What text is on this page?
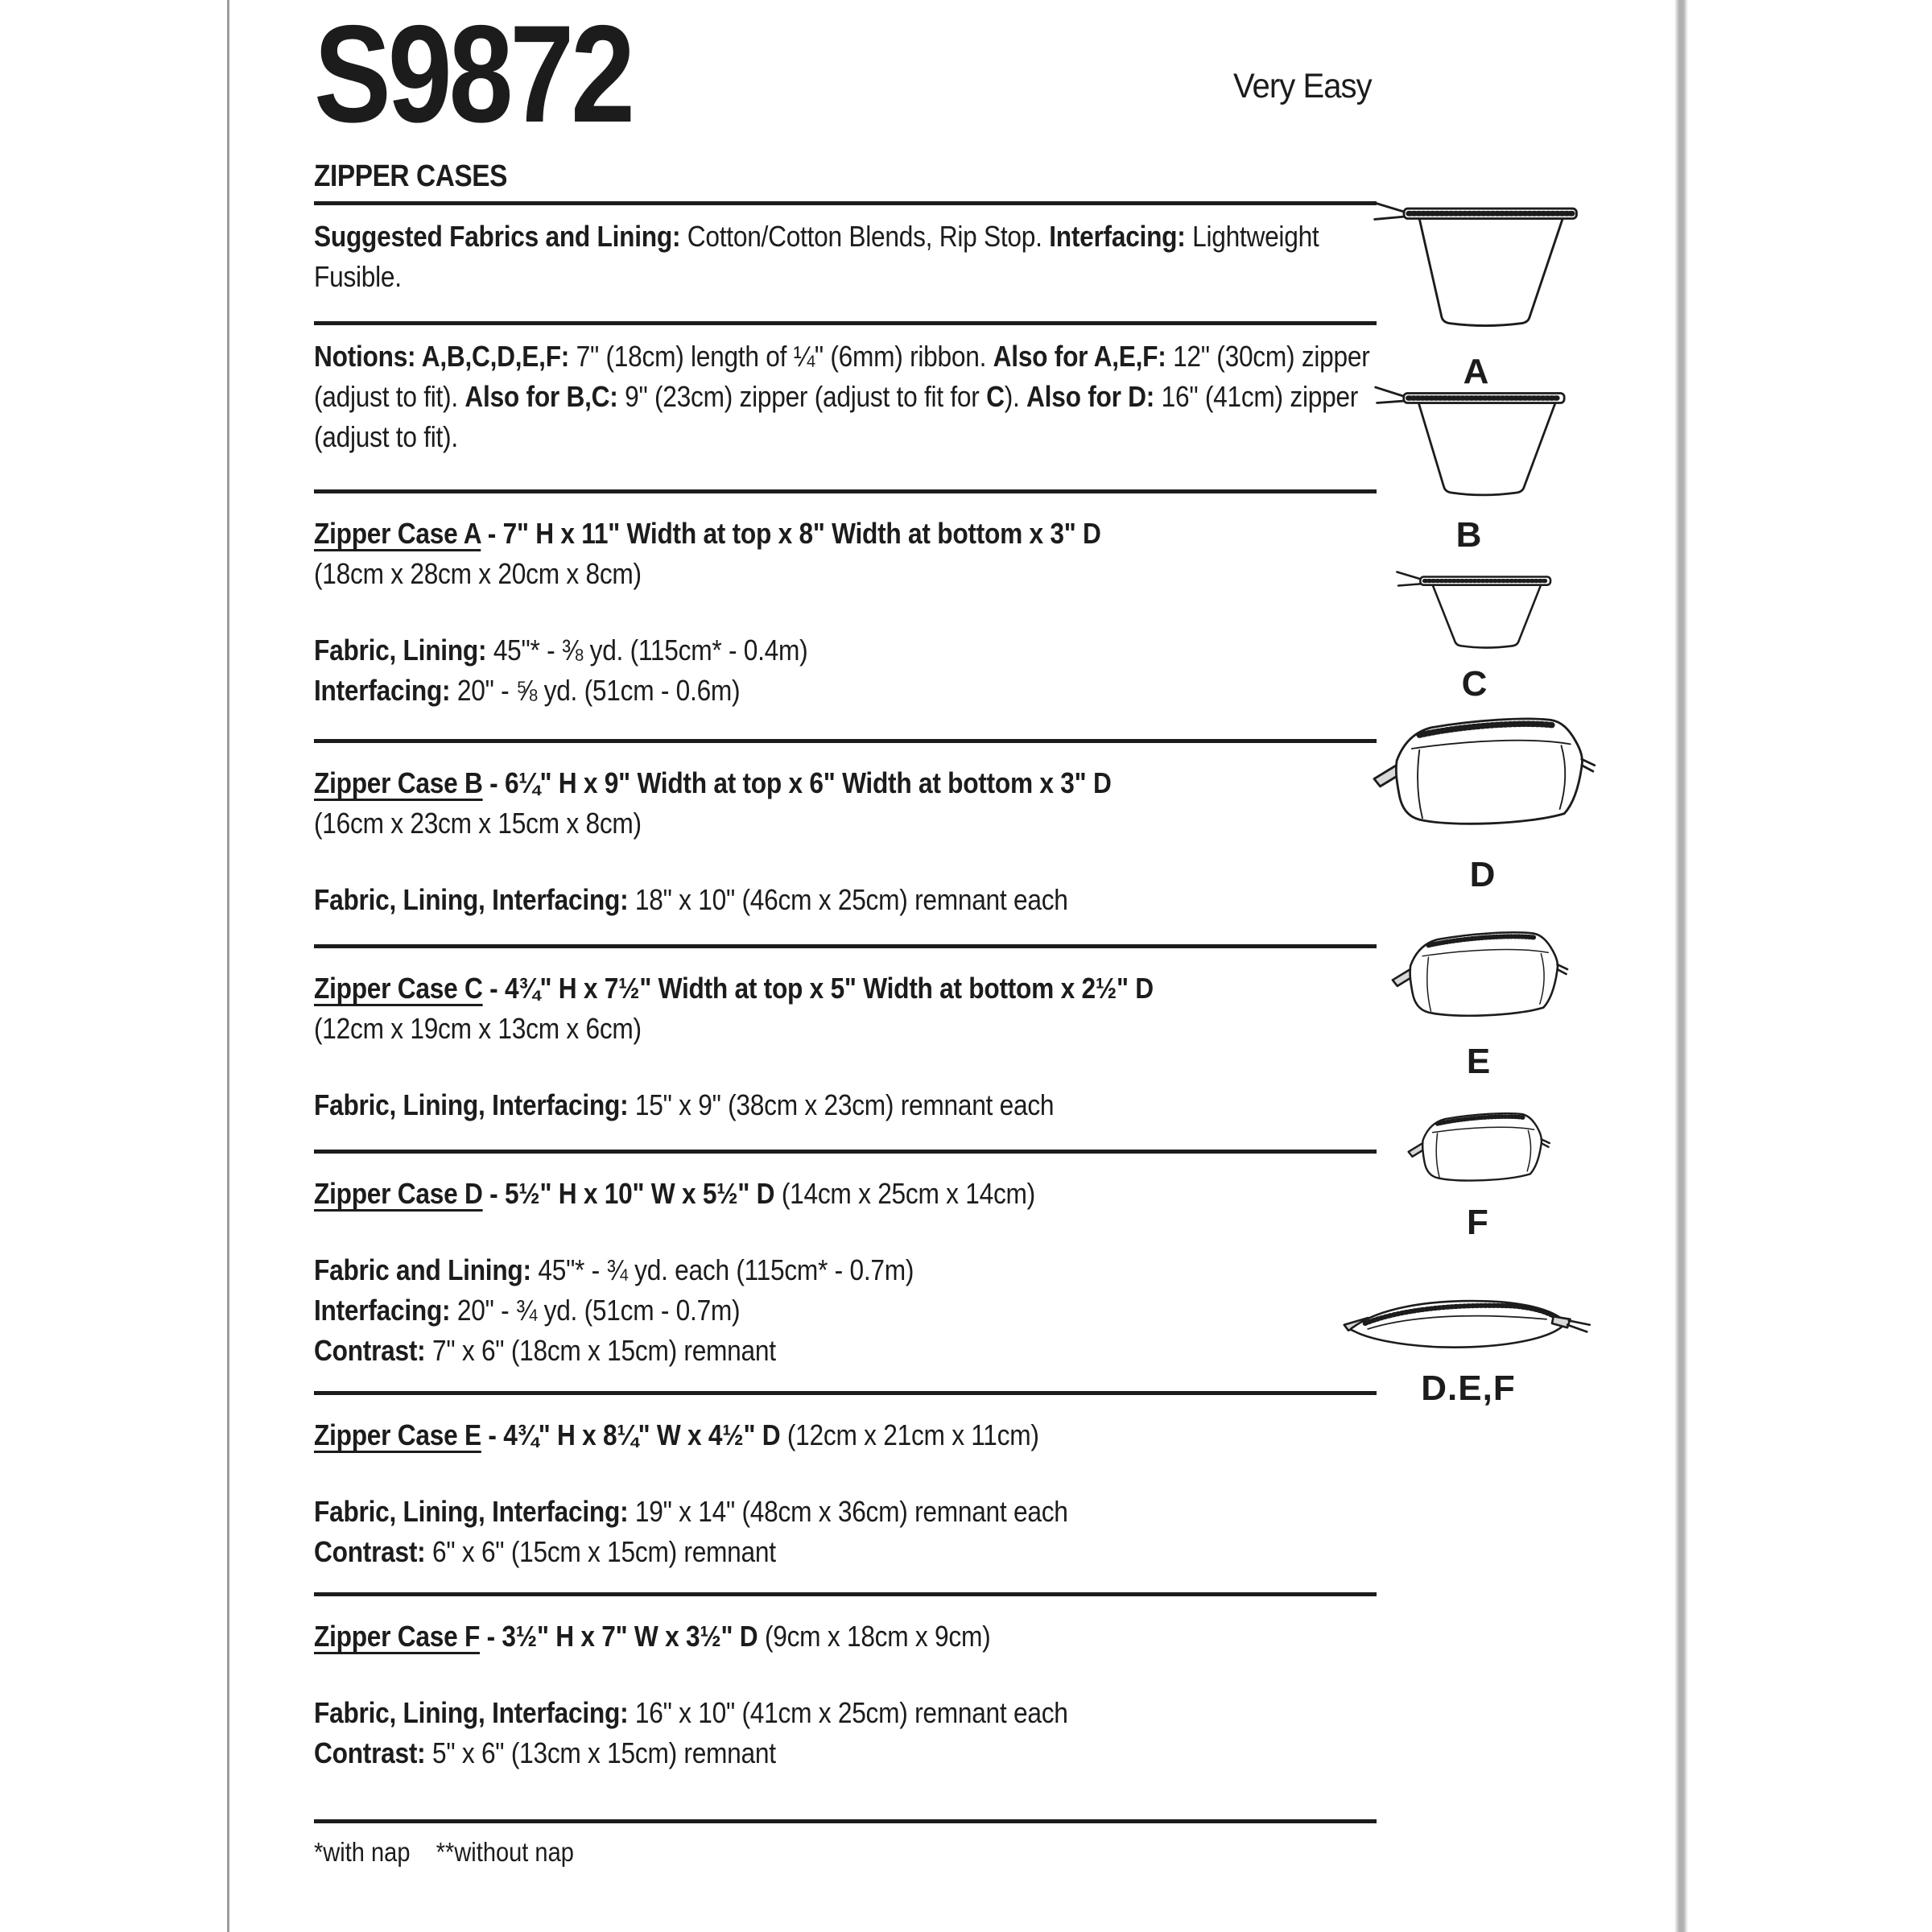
Very Easy
S9872
ZIPPER CASES

Suggested Fabrics and Lining: Cotton/Cotton Blends, Rip Stop. Interfacing: Lightweight Fusible.

Notions: A,B,C,D,E,F: 7" (18cm) length of ¼" (6mm) ribbon. Also for A,E,F: 12" (30cm) zipper (adjust to fit). Also for B,C: 9" (23cm) zipper (adjust to fit for C). Also for D: 16" (41cm) zipper (adjust to fit).

Zipper Case A - 7" H x 11" Width at top x 8" Width at bottom x 3" D

(18cm x 28cm x 20cm x 8cm)

Fabric, Lining: 45"* - ⅜ yd. (115cm* - 0.4m)

Interfacing: 20" - ⅝ yd. (51cm - 0.6m)

Zipper Case B - 6¼" H x 9" Width at top x 6" Width at bottom x 3" D

(16cm x 23cm x 15cm x 8cm)

Fabric, Lining, Interfacing: 18" x 10" (46cm x 25cm) remnant each

Zipper Case C - 4¾" H x 7½" Width at top x 5" Width at bottom x 2½" D

(12cm x 19cm x 13cm x 6cm)

Fabric, Lining, Interfacing: 15" x 9" (38cm x 23cm) remnant each

Zipper Case D - 5½" H x 10" W x 5½" D (14cm x 25cm x 14cm)

Fabric and Lining: 45"* - ¾ yd. each (115cm* - 0.7m)

Interfacing: 20" - ¾ yd. (51cm - 0.7m)

Contrast: 7" x 6" (18cm x 15cm) remnant

Zipper Case E - 4¾" H x 8¼" W x 4½" D (12cm x 21cm x 11cm)

Fabric, Lining, Interfacing: 19" x 14" (48cm x 36cm) remnant each

Contrast: 6" x 6" (15cm x 15cm) remnant

Zipper Case F - 3½" H x 7" W x 3½" D (9cm x 18cm x 9cm)

Fabric, Lining, Interfacing: 16" x 10" (41cm x 25cm) remnant each

Contrast: 5" x 6" (13cm x 15cm) remnant

*with nap    **without nap

A
B
C
D
E
F
D.E,F
